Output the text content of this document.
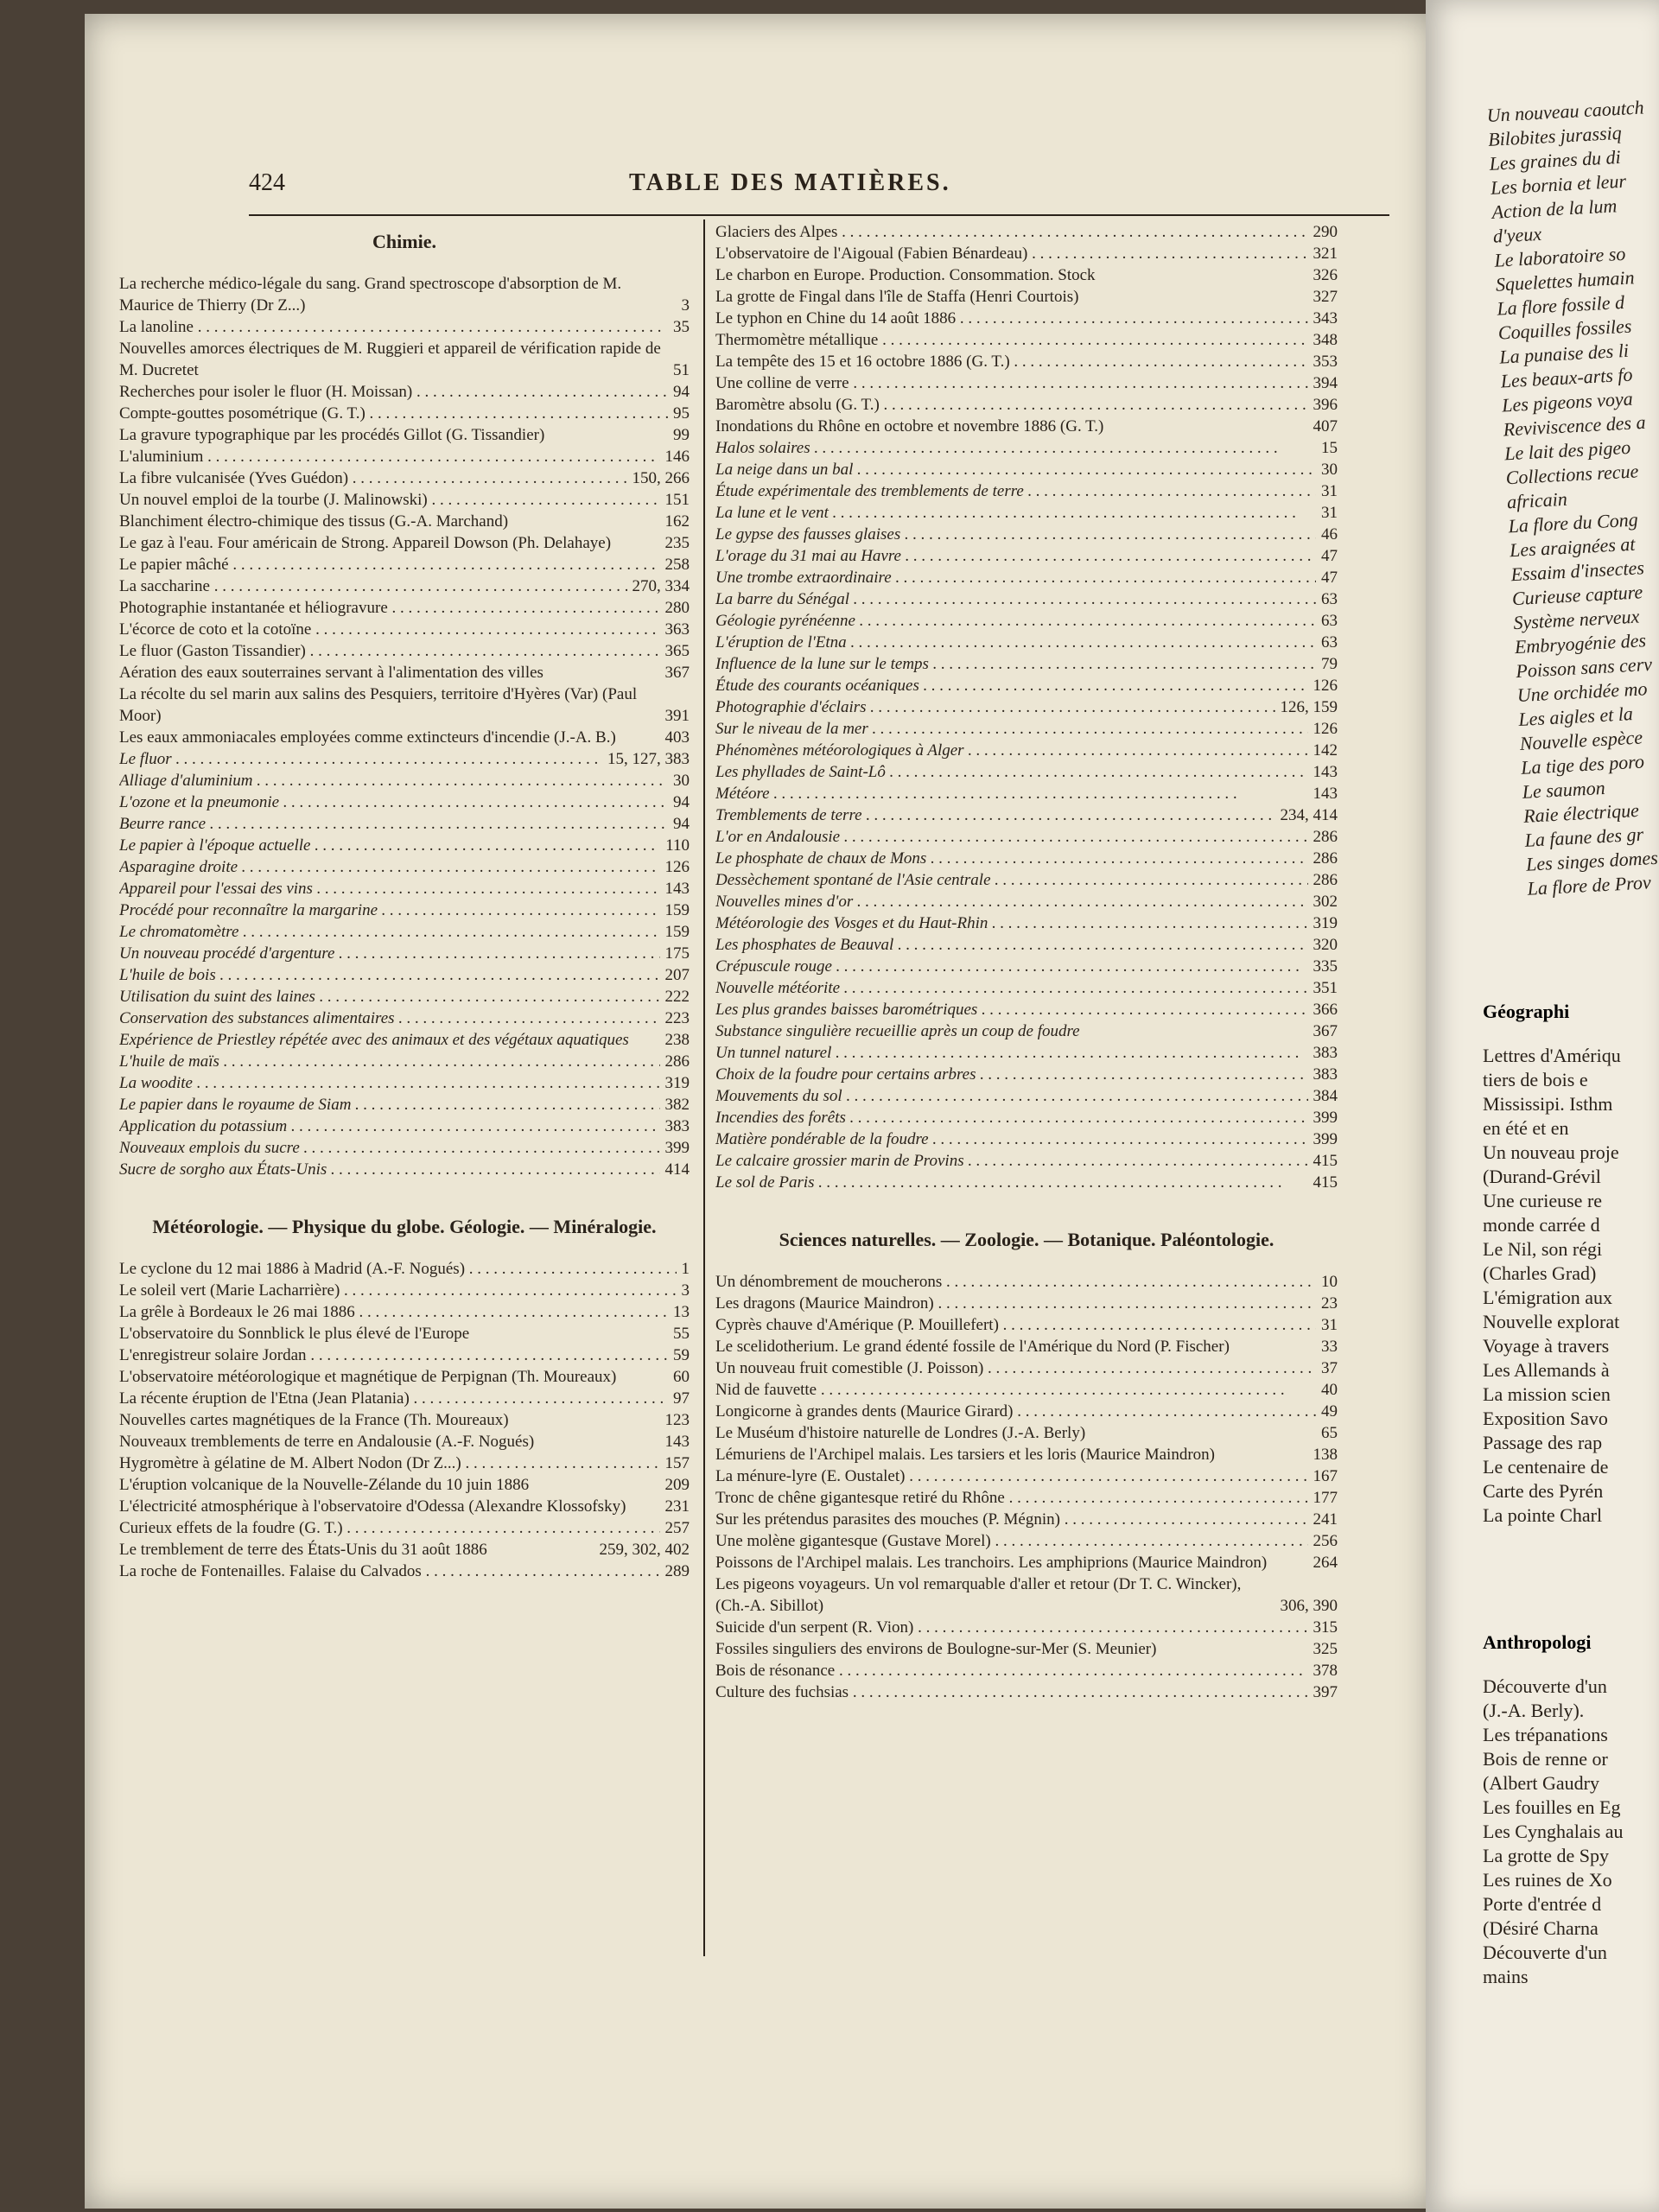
424	TABLE DES MATIÈRES.
Chimie.
La recherche médico-légale du sang. Grand spectroscope d'absorption de M. Maurice de Thierry (Dr Z...)	3
La lanoline . . .	35
Nouvelles amorces électriques de M. Ruggieri et appareil de vérification rapide de M. Ducretet	51
Recherches pour isoler le fluor (H. Moissan) . . .	94
Compte-gouttes posométrique (G. T.) . . .	95
La gravure typographique par les procédés Gillot (G. Tissandier)	99
L'aluminium . . .	146
La fibre vulcanisée (Yves Guédon) . . .	150, 266
Un nouvel emploi de la tourbe (J. Malinowski) . . .	151
Blanchiment électro-chimique des tissus (G.-A. Marchand)	162
Le gaz à l'eau. Four américain de Strong. Appareil Dowson (Ph. Delahaye)	235
Le papier mâché . . .	258
La saccharine . . .	270, 334
Photographie instantanée et héliogravure . . .	280
L'écorce de coto et la cotoïne . . .	363
Le fluor (Gaston Tissandier) . . .	365
Aération des eaux souterraines servant à l'alimentation des villes	367
La récolte du sel marin aux salins des Pesquiers, territoire d'Hyères (Var) (Paul Moor)	391
Les eaux ammoniacales employées comme extincteurs d'incendie (J.-A. B.)	403
Le fluor . . .	15, 127, 383
Alliage d'aluminium . . .	30
L'ozone et la pneumonie . . .	94
Beurre rance . . .	94
Le papier à l'époque actuelle . . .	110
Asparagine droite . . .	126
Appareil pour l'essai des vins . . .	143
Procédé pour reconnaître la margarine . . .	159
Le chromatomètre . . .	159
Un nouveau procédé d'argenture . . .	175
L'huile de bois . . .	207
Utilisation du suint des laines . . .	222
Conservation des substances alimentaires . . .	223
Expérience de Priestley répétée avec des animaux et des végétaux aquatiques	238
L'huile de maïs . . .	286
La woodite . . .	319
Le papier dans le royaume de Siam . . .	382
Application du potassium . . .	383
Nouveaux emplois du sucre . . .	399
Sucre de sorgho aux États-Unis . . .	414
Météorologie. — Physique du globe. Géologie. — Minéralogie.
Le cyclone du 12 mai 1886 à Madrid (A.-F. Nogués) . . .	1
Le soleil vert (Marie Lacharrière) . . .	3
La grêle à Bordeaux le 26 mai 1886 . . .	13
L'observatoire du Sonnblick le plus élevé de l'Europe	55
L'enregistreur solaire Jordan . . .	59
L'observatoire météorologique et magnétique de Perpignan (Th. Moureaux)	60
La récente éruption de l'Etna (Jean Platania) . . .	97
Nouvelles cartes magnétiques de la France (Th. Moureaux)	123
Nouveaux tremblements de terre en Andalousie (A.-F. Nogués)	143
Hygromètre à gélatine de M. Albert Nodon (Dr Z...) . . .	157
L'éruption volcanique de la Nouvelle-Zélande du 10 juin 1886	209
L'électricité atmosphérique à l'observatoire d'Odessa (Alexandre Klossofsky)	231
Curieux effets de la foudre (G. T.) . . .	257
Le tremblement de terre des États-Unis du 31 août 1886	259, 302, 402
La roche de Fontenailles. Falaise du Calvados . . .	289
Glaciers des Alpes . . .	290
L'observatoire de l'Aigoual (Fabien Bénardeau) . . .	321
Le charbon en Europe. Production. Consommation. Stock	326
La grotte de Fingal dans l'île de Staffa (Henri Courtois)	327
Le typhon en Chine du 14 août 1886 . . .	343
Thermomètre métallique . . .	348
La tempête des 15 et 16 octobre 1886 (G. T.) . . .	353
Une colline de verre . . .	394
Baromètre absolu (G. T.) . . .	396
Inondations du Rhône en octobre et novembre 1886 (G. T.)	407
Halos solaires . . .	15
La neige dans un bal . . .	30
Étude expérimentale des tremblements de terre . . .	31
La lune et le vent . . .	31
Le gypse des fausses glaises . . .	46
L'orage du 31 mai au Havre . . .	47
Une trombe extraordinaire . . .	47
La barre du Sénégal . . .	63
Géologie pyrénéenne . . .	63
L'éruption de l'Etna . . .	63
Influence de la lune sur le temps . . .	79
Étude des courants océaniques . . .	126
Photographie d'éclairs . . .	126, 159
Sur le niveau de la mer . . .	126
Phénomènes météorologiques à Alger . . .	142
Les phyllades de Saint-Lô . . .	143
Météore . . .	143
Tremblements de terre . . .	234, 414
L'or en Andalousie . . .	286
Le phosphate de chaux de Mons . . .	286
Dessèchement spontané de l'Asie centrale . . .	286
Nouvelles mines d'or . . .	302
Météorologie des Vosges et du Haut-Rhin . . .	319
Les phosphates de Beauval . . .	320
Crépuscule rouge . . .	335
Nouvelle météorite . . .	351
Les plus grandes baisses barométriques . . .	366
Substance singulière recueillie après un coup de foudre	367
Un tunnel naturel . . .	383
Choix de la foudre pour certains arbres . . .	383
Mouvements du sol . . .	384
Incendies des forêts . . .	399
Matière pondérable de la foudre . . .	399
Le calcaire grossier marin de Provins . . .	415
Le sol de Paris . . .	415
Sciences naturelles. — Zoologie. — Botanique. Paléontologie.
Un dénombrement de moucherons . . .	10
Les dragons (Maurice Maindron) . . .	23
Cyprès chauve d'Amérique (P. Mouillefert) . . .	31
Le scelidotherium. Le grand édenté fossile de l'Amérique du Nord (P. Fischer)	33
Un nouveau fruit comestible (J. Poisson) . . .	37
Nid de fauvette . . .	40
Longicorne à grandes dents (Maurice Girard) . . .	49
Le Muséum d'histoire naturelle de Londres (J.-A. Berly)	65
Lémuriens de l'Archipel malais. Les tarsiers et les loris (Maurice Maindron)	138
La ménure-lyre (E. Oustalet) . . .	167
Tronc de chêne gigantesque retiré du Rhône . . .	177
Sur les prétendus parasites des mouches (P. Mégnin) . . .	241
Une molène gigantesque (Gustave Morel) . . .	256
Poissons de l'Archipel malais. Les tranchoirs. Les amphiprions (Maurice Maindron)	264
Les pigeons voyageurs. Un vol remarquable d'aller et retour (Dr T. C. Wincker), (Ch.-A. Sibillot)	306, 390
Suicide d'un serpent (R. Vion) . . .	315
Fossiles singuliers des environs de Boulogne-sur-Mer (S. Meunier)	325
Bois de résonance . . .	378
Culture des fuchsias . . .	397
Un nouveau caoutch
Bilobites jurassiq
Les graines du di
Les bornia et leur
Action de la lum
d'yeux
Le laboratoire so
Squelettes humain
La flore fossile d
Coquilles fossiles
La punaise des li
Les beaux-arts fo
Les pigeons voya
Reviviscence des a
Le lait des pigeo
Collections recue
africain
La flore du Cong
Les araignées at
Essaim d'insectes
Curieuse capture
Système nerveux
Embryogénie des
Poisson sans cerv
Une orchidée mo
Les aigles et la
Nouvelle espèce
La tige des poro
Le saumon
Raie électrique
La faune des gr
Les singes domes
La flore de Prov
Géographi
Lettres d'Amériqu
tiers de bois e
Mississipi. Isthm
en été et en
Un nouveau proje
(Durand-Grévil
Une curieuse re
monde carrée d
Le Nil, son régi
(Charles Grad)
L'émigration aux
Nouvelle explorat
Voyage à travers
Les Allemands à
La mission scien
Exposition Savo
Passage des rap
Le centenaire de
Carte des Pyrén
La pointe Charl
Anthropologi
Découverte d'un
(J.-A. Berly).
Les trépanations
Bois de renne or
(Albert Gaudry
Les fouilles en Eg
Les Cynghalais au
La grotte de Spy
Les ruines de Xo
Porte d'entrée d
(Désiré Charna
Découverte d'un
mains
